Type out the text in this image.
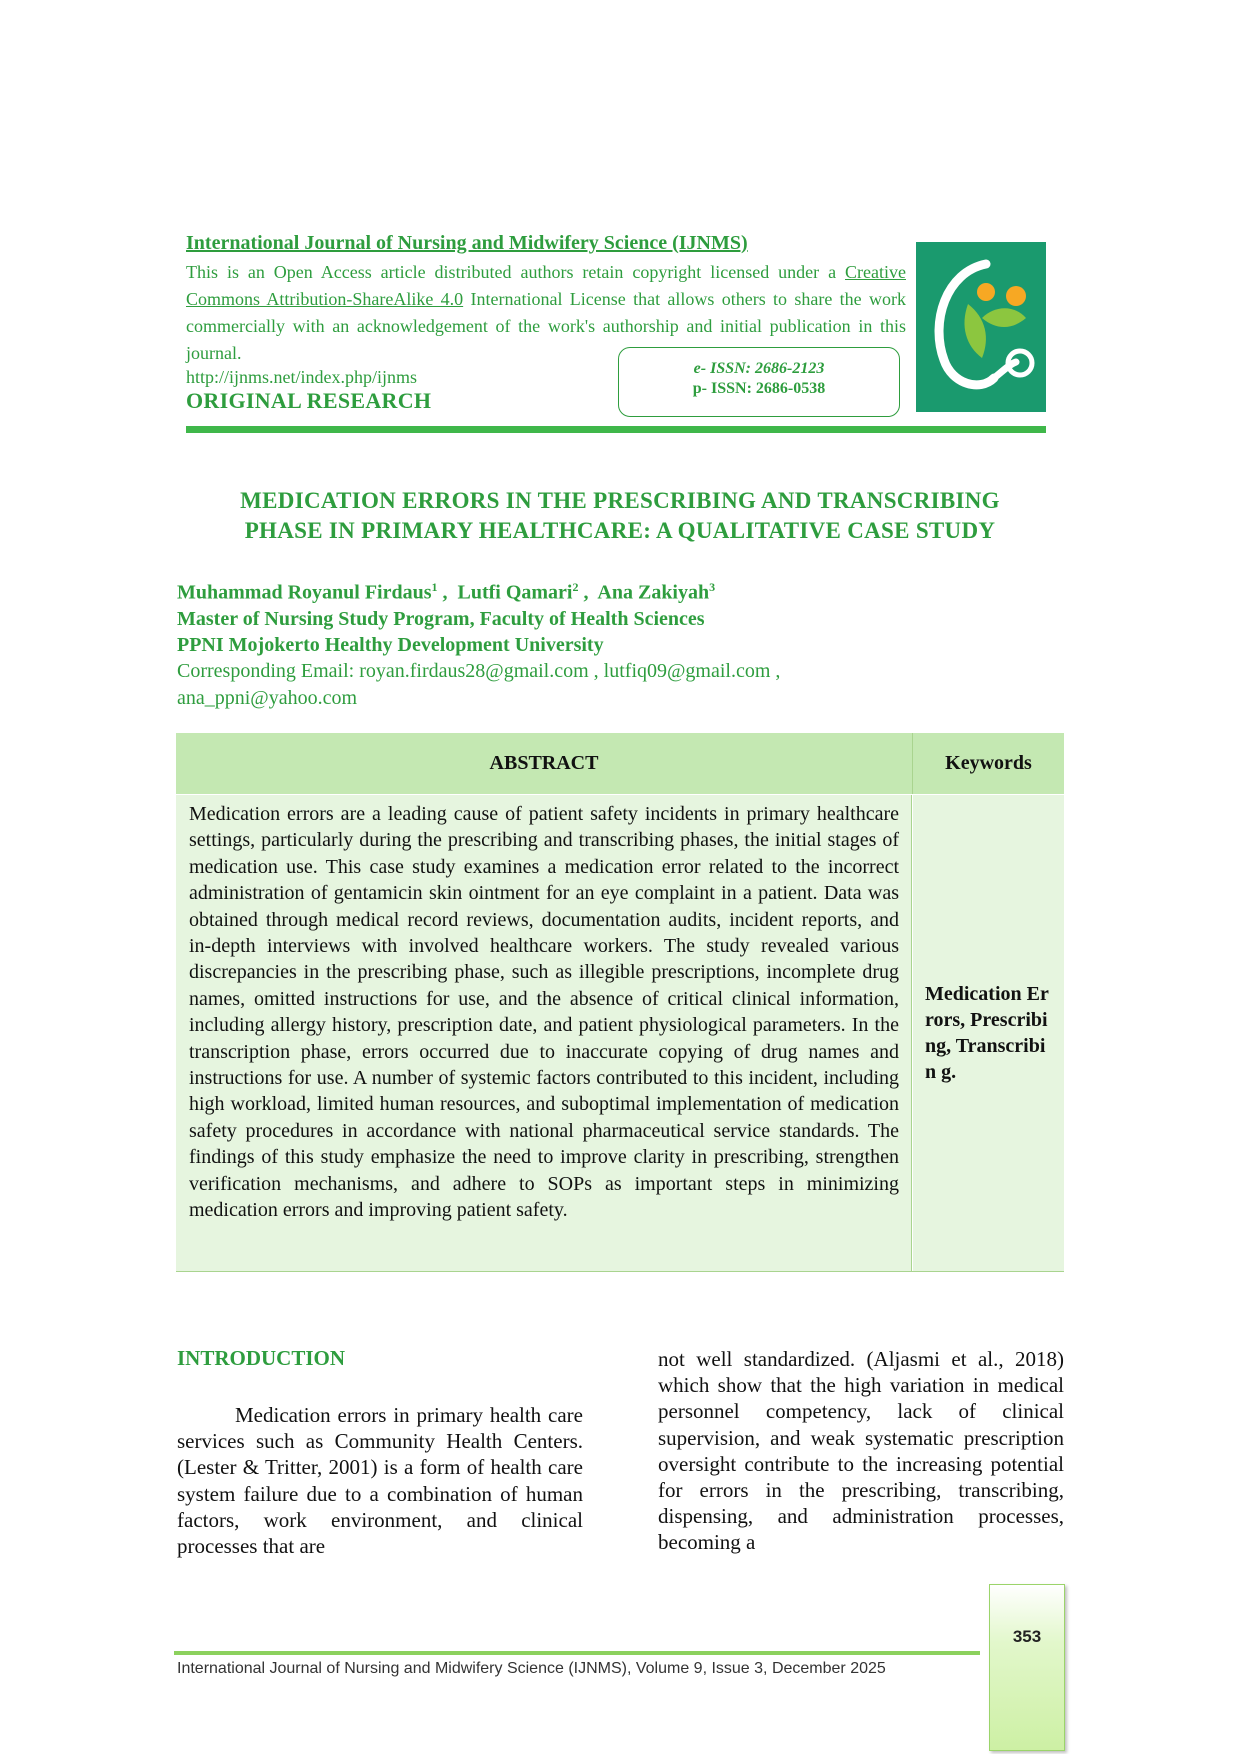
International Journal of Nursing and Midwifery Science (IJNMS)
This is an Open Access article distributed authors retain copyright licensed under a Creative Commons Attribution-ShareAlike 4.0 International License that allows others to share the work commercially with an acknowledgement of the work's authorship and initial publication in this journal.
http://ijnms.net/index.php/ijnms
ORIGINAL RESEARCH
e- ISSN: 2686-2123
p- ISSN: 2686-0538
MEDICATION ERRORS IN THE PRESCRIBING AND TRANSCRIBING
PHASE IN PRIMARY HEALTHCARE: A QUALITATIVE CASE STUDY
Muhammad Royanul Firdaus$^1$ ,  Lutfi Qamari$^2$ ,  Ana Zakiyah$^3$
Master of Nursing Study Program, Faculty of Health Sciences
PPNI Mojokerto Healthy Development University
Corresponding Email: royan.firdaus28@gmail.com , lutfiq09@gmail.com ,
ana_ppni@yahoo.com
ABSTRACT	Keywords
Medication errors are a leading cause of patient safety incidents in primary healthcare settings, particularly during the prescribing and transcribing phases, the initial stages of medication use. This case study examines a medication error related to the incorrect administration of gentamicin skin ointment for an eye complaint in a patient. Data was obtained through medical record reviews, documentation audits, incident reports, and in-depth interviews with involved healthcare workers. The study revealed various discrepancies in the prescribing phase, such as illegible prescriptions, incomplete drug names, omitted instructions for use, and the absence of critical clinical information, including allergy history, prescription date, and patient physiological parameters. In the transcription phase, errors occurred due to inaccurate copying of drug names and instructions for use. A number of systemic factors contributed to this incident, including high workload, limited human resources, and suboptimal implementation of medication safety procedures in accordance with national pharmaceutical service standards. The findings of this study emphasize the need to improve clarity in prescribing, strengthen verification mechanisms, and adhere to SOPs as important steps in minimizing medication errors and improving patient safety.
Medication Errors, Prescribing, Transcribin g.
INTRODUCTION
Medication errors in primary health care services such as Community Health Centers. (Lester & Tritter, 2001) is a form of health care system failure due to a combination of human factors, work environment, and clinical processes that are
not well standardized. (Aljasmi et al., 2018) which show that the high variation in medical personnel competency, lack of clinical supervision, and weak systematic prescription oversight contribute to the increasing potential for errors in the prescribing, transcribing, dispensing, and administration processes, becoming a
International Journal of Nursing and Midwifery Science (IJNMS), Volume 9, Issue 3, December 2025
353
